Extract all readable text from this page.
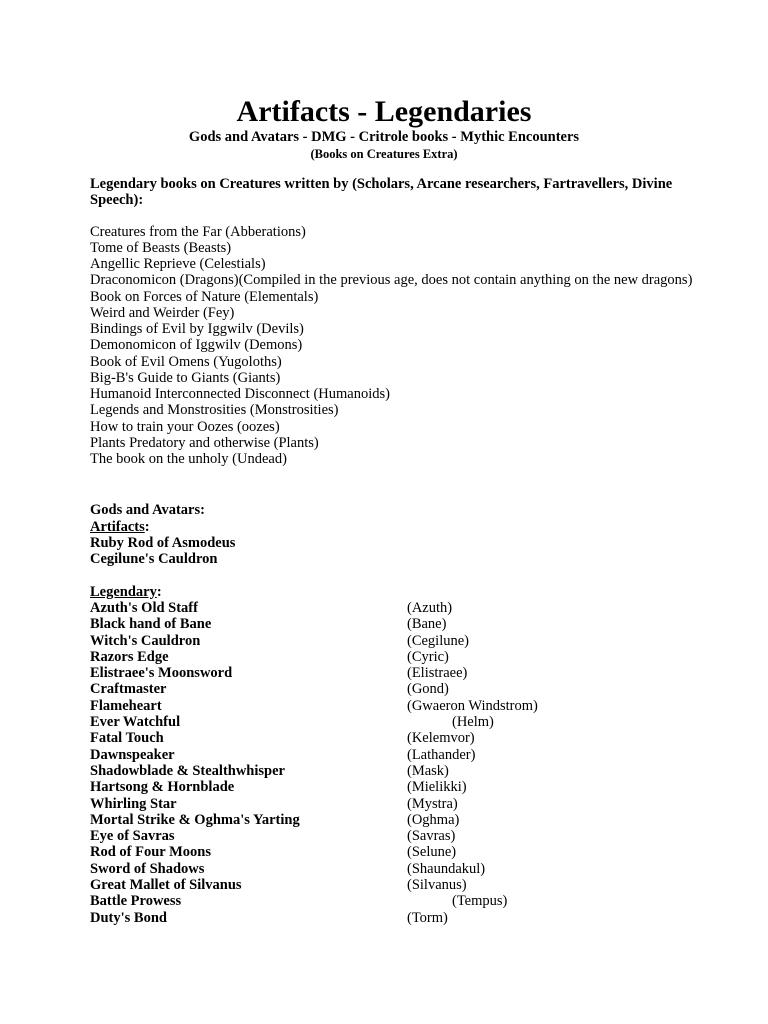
Artifacts - Legendaries
Gods and Avatars - DMG - Critrole books - Mythic Encounters
(Books on Creatures Extra)
Legendary books on Creatures written by (Scholars, Arcane researchers, Fartravellers, Divine Speech):
Creatures from the Far (Abberations)
Tome of Beasts (Beasts)
Angellic Reprieve (Celestials)
Draconomicon (Dragons)(Compiled in the previous age, does not contain anything on the new dragons)
Book on Forces of Nature (Elementals)
Weird and Weirder (Fey)
Bindings of Evil by Iggwilv (Devils)
Demonomicon of Iggwilv (Demons)
Book of Evil Omens (Yugoloths)
Big-B's Guide to Giants (Giants)
Humanoid Interconnected Disconnect (Humanoids)
Legends and Monstrosities (Monstrosities)
How to train your Oozes (oozes)
Plants Predatory and otherwise (Plants)
The book on the unholy (Undead)
Gods and Avatars:
Artifacts:
Ruby Rod of Asmodeus
Cegilune's Cauldron
Legendary:
Azuth's Old Staff	(Azuth)
Black hand of Bane	(Bane)
Witch's Cauldron	(Cegilune)
Razors Edge	(Cyric)
Elistraee's Moonsword	(Elistraee)
Craftmaster	(Gond)
Flameheart	(Gwaeron Windstrom)
Ever Watchful	(Helm)
Fatal Touch	(Kelemvor)
Dawnspeaker	(Lathander)
Shadowblade & Stealthwhisper	(Mask)
Hartsong & Hornblade	(Mielikki)
Whirling Star	(Mystra)
Mortal Strike & Oghma's Yarting	(Oghma)
Eye of Savras	(Savras)
Rod of Four Moons	(Selune)
Sword of Shadows	(Shaundakul)
Great Mallet of Silvanus	(Silvanus)
Battle Prowess	(Tempus)
Duty's Bond	(Torm)
